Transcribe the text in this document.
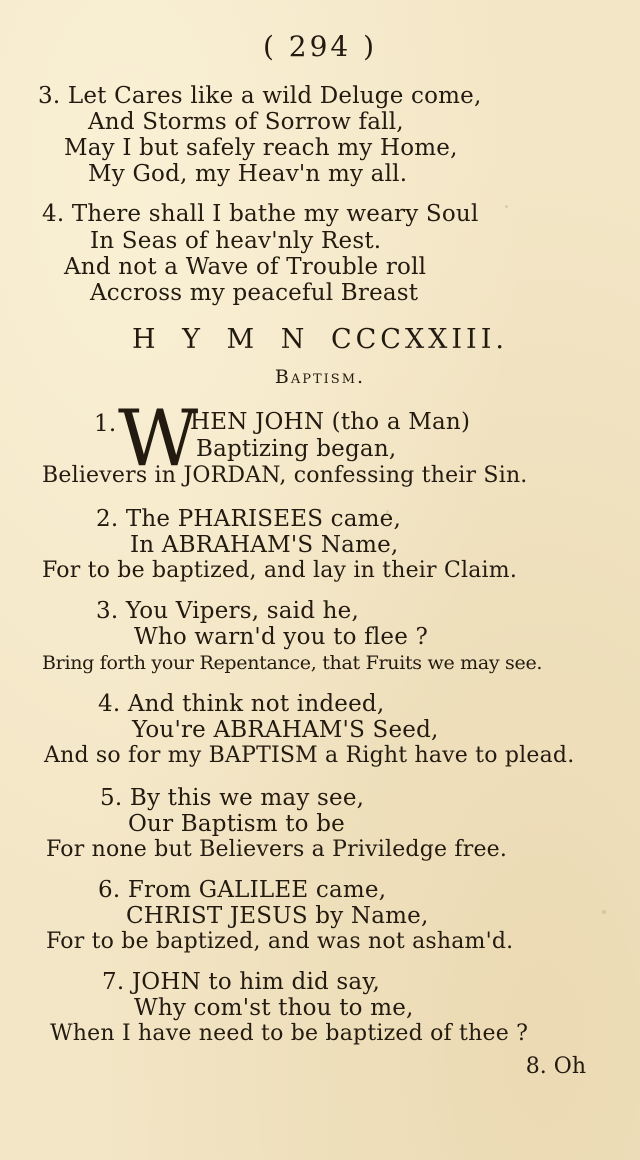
( 294 )
3. Let Cares like a wild Deluge come,
And Storms of Sorrow fall,
May I but safely reach my Home,
My God, my Heav'n my all.
4. There shall I bathe my weary Soul
In Seas of heav'nly Rest.
And not a Wave of Trouble roll
Accross my peaceful Breast
H Y M N CCCXXIII.
Baptism.
1. W
HEN JOHN (tho a Man)
Baptizing began,
Believers in JORDAN, confessing their Sin.
2. The PHARISEES came,
In ABRAHAM'S Name,
For to be baptized, and lay in their Claim.
3. You Vipers, said he,
Who warn'd you to flee ?
Bring forth your Repentance, that Fruits we may see.
4. And think not indeed,
You're ABRAHAM'S Seed,
And so for my BAPTISM a Right have to plead.
5. By this we may see,
Our Baptism to be
For none but Believers a Priviledge free.
6. From GALILEE came,
CHRIST JESUS by Name,
For to be baptized, and was not asham'd.
7. JOHN to him did say,
Why com'st thou to me,
When I have need to be baptized of thee ?
8. Oh
